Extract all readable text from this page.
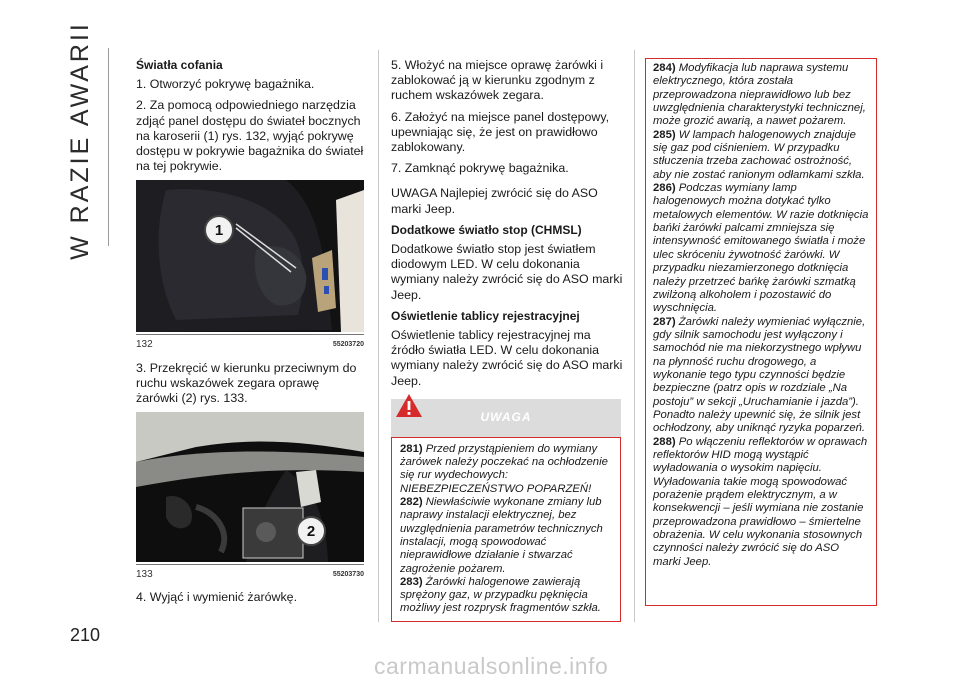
W RAZIE AWARII	Światła cofania

1. Otworzyć pokrywę bagażnika.

2. Za pomocą odpowiedniego narzędzia zdjąć panel dostępu do świateł bocznych na karoserii (1) rys. 132, wyjąć pokrywę dostępu w pokrywie bagażnika do świateł na tej pokrywie.

1
132	55203720

3. Przekręcić w kierunku przeciwnym do ruchu wskazówek zegara oprawę żarówki (2) rys. 133.

2
133	55203730

4. Wyjąć i wymienić żarówkę.

5. Włożyć na miejsce oprawę żarówki i zablokować ją w kierunku zgodnym z ruchem wskazówek zegara.

6. Założyć na miejsce panel dostępowy, upewniając się, że jest on prawidłowo zablokowany.

7. Zamknąć pokrywę bagażnika.

UWAGA Najlepiej zwrócić się do ASO marki Jeep.

Dodatkowe światło stop (CHMSL)

Dodatkowe światło stop jest światłem diodowym LED. W celu dokonania wymiany należy zwrócić się do ASO marki Jeep.

Oświetlenie tablicy rejestracyjnej

Oświetlenie tablicy rejestracyjnej ma źródło światła LED. W celu dokonania wymiany należy zwrócić się do ASO marki Jeep.

UWAGA
281) Przed przystąpieniem do wymiany żarówek należy poczekać na ochłodzenie się rur wydechowych: NIEBEZPIECZEŃSTWO POPARZEŃ!
282) Niewłaściwie wykonane zmiany lub naprawy instalacji elektrycznej, bez uwzględnienia parametrów technicznych instalacji, mogą spowodować nieprawidłowe działanie i stwarzać zagrożenie pożarem.
283) Żarówki halogenowe zawierają sprężony gaz, w przypadku pęknięcia możliwy jest rozprysk fragmentów szkła.
284) Modyfikacja lub naprawa systemu elektrycznego, która została przeprowadzona nieprawidłowo lub bez uwzględnienia charakterystyki technicznej, może grozić awarią, a nawet pożarem.
285) W lampach halogenowych znajduje się gaz pod ciśnieniem. W przypadku stłuczenia trzeba zachować ostrożność, aby nie zostać ranionym odłamkami szkła.
286) Podczas wymiany lamp halogenowych można dotykać tylko metalowych elementów. W razie dotknięcia bańki żarówki palcami zmniejsza się intensywność emitowanego światła i może ulec skróceniu żywotność żarówki. W przypadku niezamierzonego dotknięcia należy przetrzeć bańkę żarówki szmatką zwilżoną alkoholem i pozostawić do wyschnięcia.
287) Żarówki należy wymieniać wyłącznie, gdy silnik samochodu jest wyłączony i samochód nie ma niekorzystnego wpływu na płynność ruchu drogowego, a wykonanie tego typu czynności będzie bezpieczne (patrz opis w rozdziale „Na postoju” w sekcji „Uruchamianie i jazda”). Ponadto należy upewnić się, że silnik jest ochłodzony, aby uniknąć ryzyka poparzeń.
288) Po włączeniu reflektorów w oprawach reflektorów HID mogą wystąpić wyładowania o wysokim napięciu. Wyładowania takie mogą spowodować porażenie prądem elektrycznym, a w konsekwencji – jeśli wymiana nie zostanie przeprowadzona prawidłowo – śmiertelne obrażenia. W celu wykonania stosownych czynności należy zwrócić się do ASO marki Jeep.
210
carmanualsonline.info
